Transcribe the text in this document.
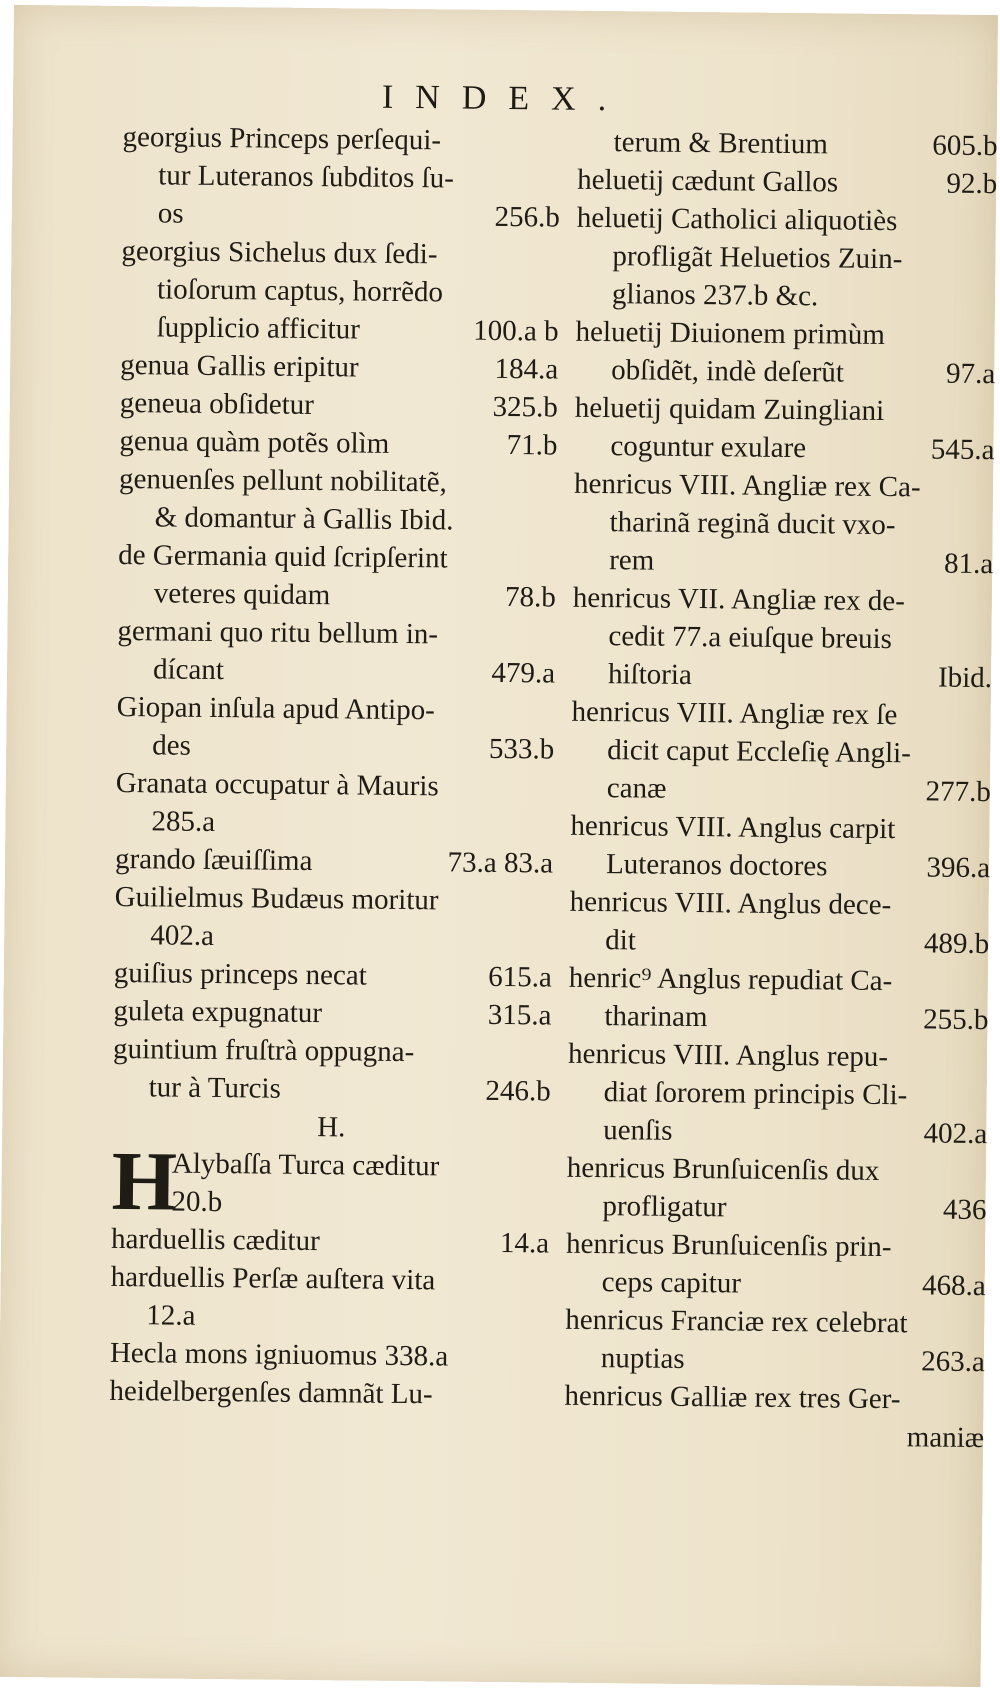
INDEX.
georgius Princeps perſequi-
tur Luteranos ſubditos ſu-
os	256.b
georgius Sichelus dux ſedi-
tioſorum captus, horrẽdo
ſupplicio afficitur	100.a b
genua Gallis eripitur	184.a
geneua obſidetur	325.b
genua quàm potẽs olìm	71.b
genuenſes pellunt nobilitatẽ,
& domantur à Gallis Ibid.
de Germania quid ſcripſerint
veteres quidam	78.b
germani quo ritu bellum in-
dícant	479.a
Giopan inſula apud Antipo-
des	533.b
Granata occupatur à Mauris
285.a
grando ſæuiſſima	73.a 83.a
Guilielmus Budæus moritur
402.a
guiſius princeps necat	615.a
guleta expugnatur	315.a
guintium fruſtrà oppugna-
tur à Turcis	246.b
H.
H
Alybaſſa Turca cæditur
20.b
harduellis cæditur	14.a
harduellis Perſæ auſtera vita
12.a
Hecla mons igniuomus 338.a
heidelbergenſes damnãt Lu-
terum & Brentium	605.b
heluetij cædunt Gallos	92.b
heluetij Catholici aliquotiès
profligãt Heluetios Zuin-
glianos 237.b &c.
heluetij Diuionem primùm
obſidẽt, indè deſerũt	97.a
heluetij quidam Zuingliani
coguntur exulare	545.a
henricus VIII. Angliæ rex Ca-
tharinã reginã ducit vxo-
rem	81.a
henricus VII. Angliæ rex de-
cedit 77.a eiuſque breuis
hiſtoria	Ibid.
henricus VIII. Angliæ rex ſe
dicit caput Eccleſię Angli-
canæ	277.b
henricus VIII. Anglus carpit
Luteranos doctores	396.a
henricus VIII. Anglus dece-
dit	489.b
henric⁹ Anglus repudiat Ca-
tharinam	255.b
henricus VIII. Anglus repu-
diat ſororem principis Cli-
uenſis	402.a
henricus Brunſuicenſis dux
profligatur	436
henricus Brunſuicenſis prin-
ceps capitur	468.a
henricus Franciæ rex celebrat
nuptias	263.a
henricus Galliæ rex tres Ger-
maniæ
